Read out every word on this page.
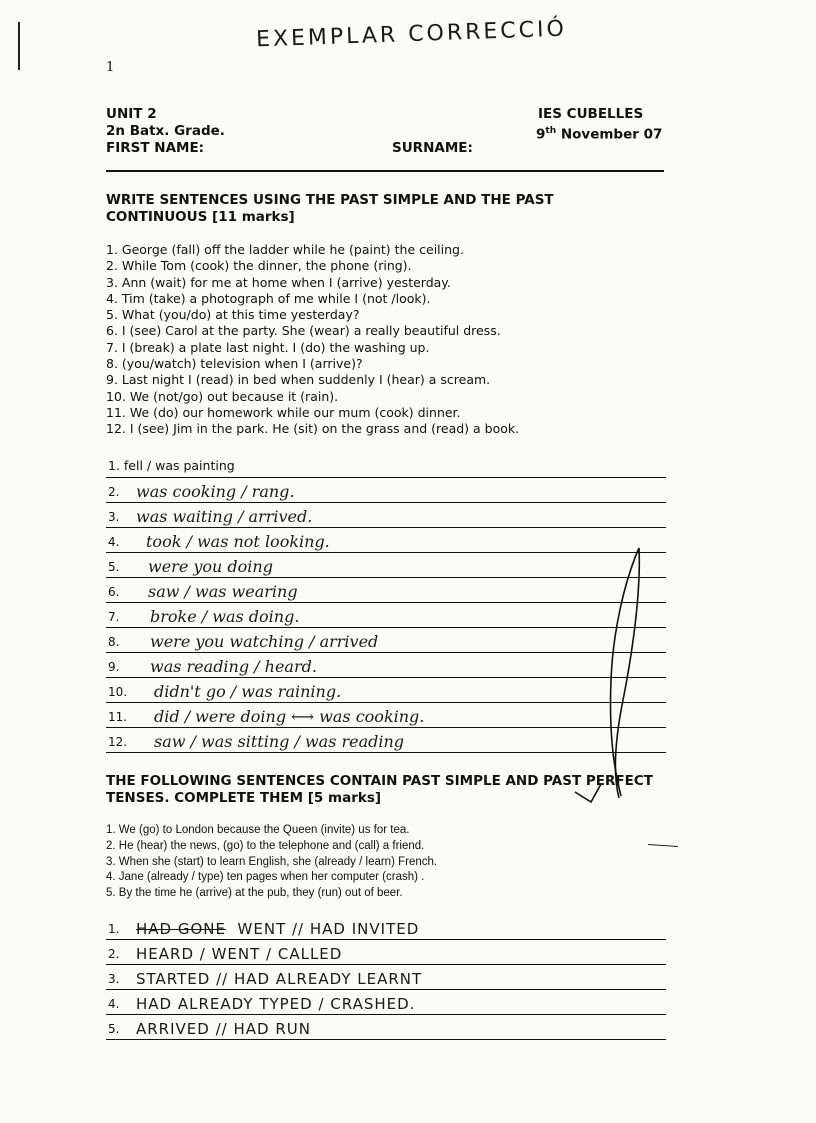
EXEMPLAR CORRECCIÓ
1
UNIT 2
2n Batx. Grade.
FIRST NAME:	SURNAME:
IES CUBELLES
9th November 07
WRITE SENTENCES USING THE PAST SIMPLE AND THE PAST
CONTINUOUS [11 marks]
1. George (fall) off the ladder while he (paint) the ceiling.
2. While Tom (cook) the dinner, the phone (ring).
3. Ann (wait) for me at home when I (arrive) yesterday.
4. Tim (take) a photograph of me while I (not /look).
5. What (you/do) at this time yesterday?
6. I (see) Carol at the party. She (wear) a really beautiful dress.
7. I (break) a plate last night. I (do) the washing up.
8. (you/watch) television when I (arrive)?
9. Last night I (read) in bed when suddenly I (hear) a scream.
10. We (not/go) out because it (rain).
11. We (do) our homework while our mum (cook) dinner.
12. I (see) Jim in the park. He (sit) on the grass and (read) a book.
1. fell / was painting
2. was cooking / rang.
3. was waiting / arrived.
4. took / was not looking.
5. were you doing
6. saw / was wearing
7. broke / was doing.
8. were you watching / arrived
9. was reading / heard.
10. didn't go / was raining.
11. did / were doing ⟷ was cooking.
12. saw / was sitting / was reading
THE FOLLOWING SENTENCES CONTAIN PAST SIMPLE AND PAST PERFECT
TENSES. COMPLETE THEM [5 marks]
1. We (go) to London because the Queen (invite) us for tea.
2. He (hear) the news, (go) to the telephone and (call) a friend.
3. When she (start) to learn English, she (already / learn) French.
4. Jane (already / type) ten pages when her computer (crash) .
5. By the time he (arrive) at the pub, they (run) out of beer.
1. HAD GONE WENT // HAD INVITED
2. HEARD / WENT / CALLED
3. STARTED // HAD ALREADY LEARNT
4. HAD ALREADY TYPED / CRASHED.
5. ARRIVED // HAD RUN
